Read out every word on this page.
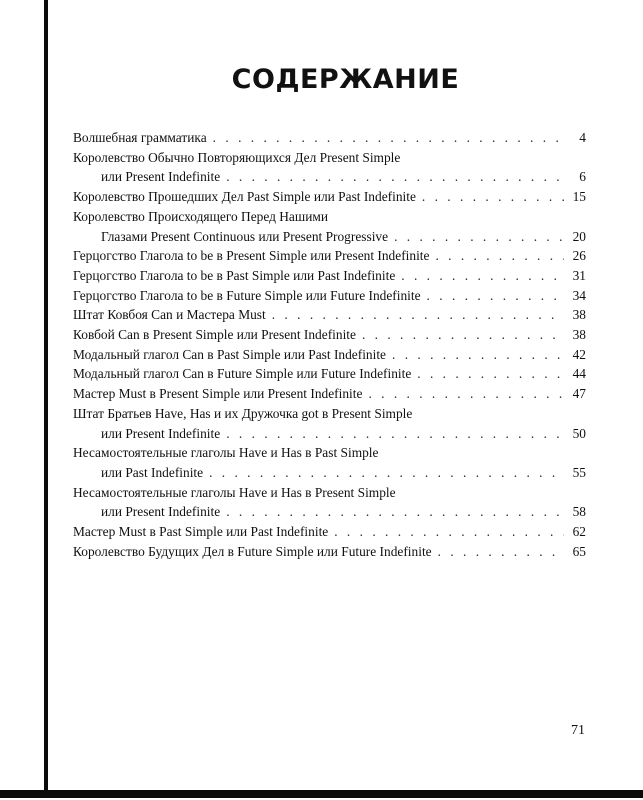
СОДЕРЖАНИЕ
Волшебная грамматика . . .	4
Королевство Обычно Повторяющихся Дел Present Simple
или Present Indefinite . . .	6
Королевство Прошедших Дел Past Simple или Past Indefinite . . .	15
Королевство Происходящего Перед Нашими
Глазами Present Continuous или Present Progressive . . .	20
Герцогство Глагола to be в Present Simple или Present Indefinite . . .	26
Герцогство Глагола to be в Past Simple или Past Indefinite . . .	31
Герцогство Глагола to be в Future Simple или Future Indefinite . . .	34
Штат Ковбоя Can и Мастера Must . . .	38
Ковбой Can в Present Simple или Present Indefinite . . .	38
Модальный глагол Can в Past Simple или Past Indefinite . . .	42
Модальный глагол Can в Future Simple или Future Indefinite . . .	44
Мастер Must в Present Simple или Present Indefinite . . .	47
Штат Братьев Have, Has и их Дружочка got в Present Simple
или Present Indefinite . . .	50
Несамостоятельные глаголы Have и Has в Past Simple
или Past Indefinite . . .	55
Несамостоятельные глаголы Have и Has в Present Simple
или Present Indefinite . . .	58
Мастер Must в Past Simple или Past Indefinite . . .	62
Королевство Будущих Дел в Future Simple или Future Indefinite . . .	65
71
